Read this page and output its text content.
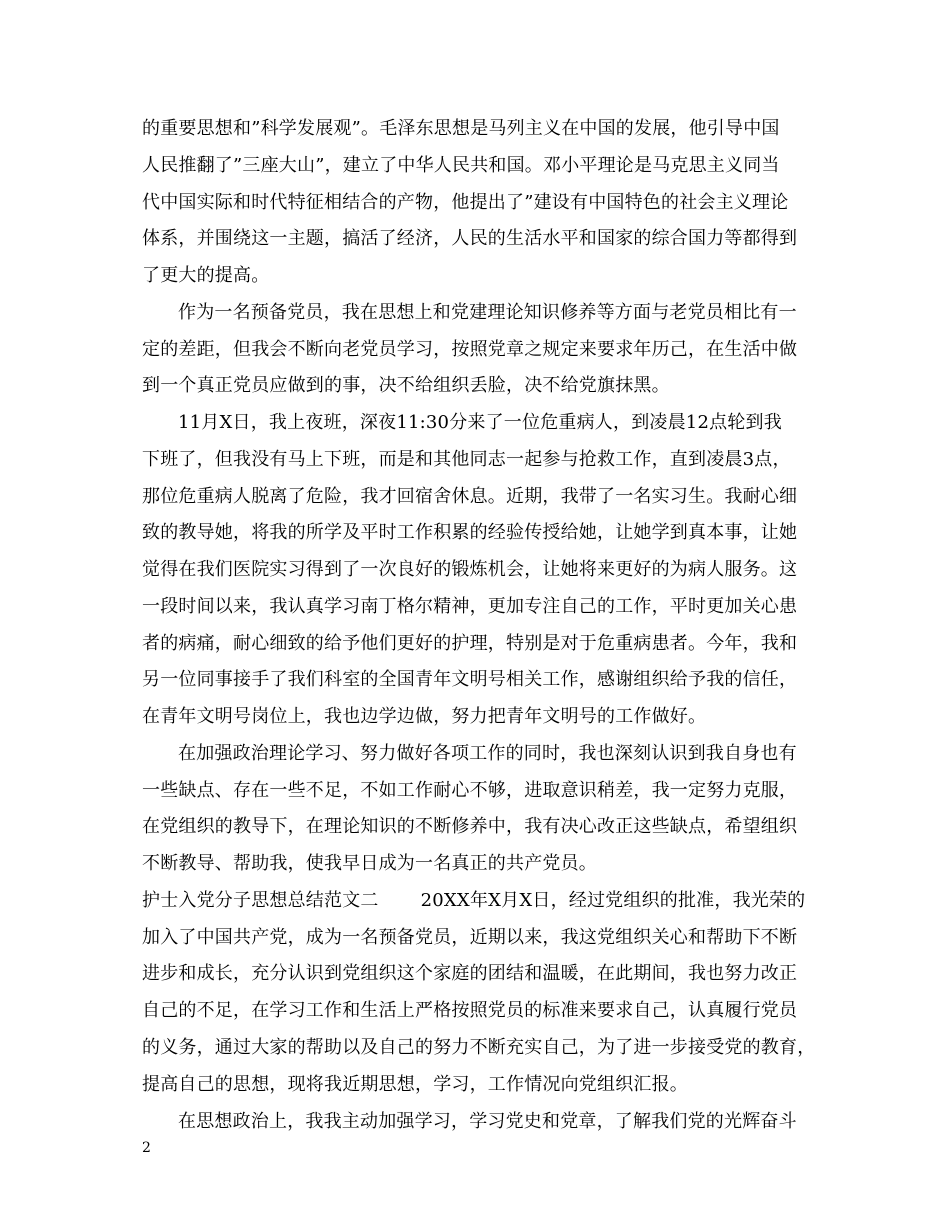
的重要思想和”科学发展观”。毛泽东思想是马列主义在中国的发展，他引导中国
人民推翻了”三座大山”，建立了中华人民共和国。邓小平理论是马克思主义同当
代中国实际和时代特征相结合的产物，他提出了”建设有中国特色的社会主义理论
体系，并围绕这一主题，搞活了经济，人民的生活水平和国家的综合国力等都得到
了更大的提高。
作为一名预备党员，我在思想上和党建理论知识修养等方面与老党员相比有一
定的差距，但我会不断向老党员学习，按照党章之规定来要求年历己，在生活中做
到一个真正党员应做到的事，决不给组织丢脸，决不给党旗抹黑。
11月X日，我上夜班，深夜11:30分来了一位危重病人，到凌晨12点轮到我
下班了，但我没有马上下班，而是和其他同志一起参与抢救工作，直到凌晨3点，
那位危重病人脱离了危险，我才回宿舍休息。近期，我带了一名实习生。我耐心细
致的教导她，将我的所学及平时工作积累的经验传授给她，让她学到真本事，让她
觉得在我们医院实习得到了一次良好的锻炼机会，让她将来更好的为病人服务。这
一段时间以来，我认真学习南丁格尔精神，更加专注自己的工作，平时更加关心患
者的病痛，耐心细致的给予他们更好的护理，特别是对于危重病患者。今年，我和
另一位同事接手了我们科室的全国青年文明号相关工作，感谢组织给予我的信任，
在青年文明号岗位上，我也边学边做，努力把青年文明号的工作做好。
在加强政治理论学习、努力做好各项工作的同时，我也深刻认识到我自身也有
一些缺点、存在一些不足，不如工作耐心不够，进取意识稍差，我一定努力克服，
在党组织的教导下，在理论知识的不断修养中，我有决心改正这些缺点，希望组织
不断教导、帮助我，使我早日成为一名真正的共产党员。
护士入党分子思想总结范文二 20XX年X月X日，经过党组织的批准，我光荣的
加入了中国共产党，成为一名预备党员，近期以来，我这党组织关心和帮助下不断
进步和成长，充分认识到党组织这个家庭的团结和温暖，在此期间，我也努力改正
自己的不足，在学习工作和生活上严格按照党员的标准来要求自己，认真履行党员
的义务，通过大家的帮助以及自己的努力不断充实自己，为了进一步接受党的教育，
提高自己的思想，现将我近期思想，学习，工作情况向党组织汇报。
在思想政治上，我我主动加强学习，学习党史和党章，了解我们党的光辉奋斗
2
